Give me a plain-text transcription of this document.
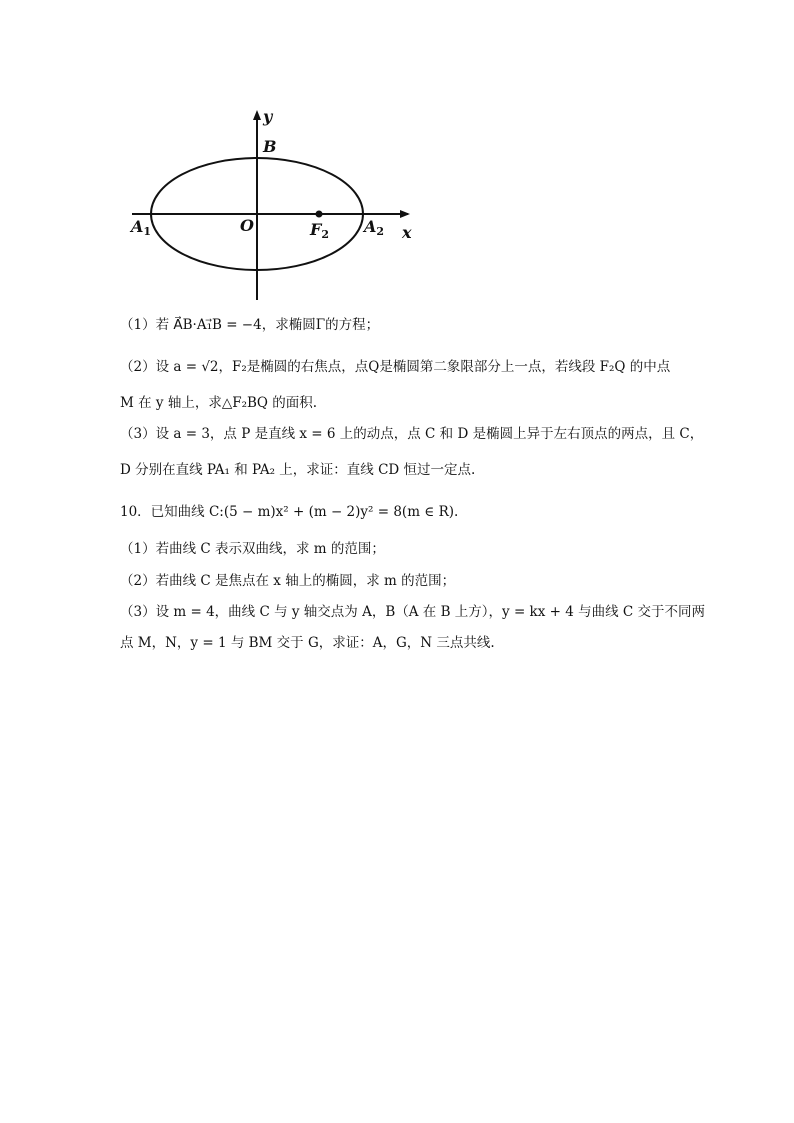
y
x
B
O
A1	A2
F2
（1）若 A⃗B·A₁⃗B = −4，求椭圆Γ的方程；
（2）设 a = √2，F₂是椭圆的右焦点，点Q是椭圆第二象限部分上一点，若线段 F₂Q 的中点
M 在 y 轴上，求△F₂BQ 的面积.
（3）设 a = 3，点 P 是直线 x = 6 上的动点，点 C 和 D 是椭圆上异于左右顶点的两点，且 C，
D 分别在直线 PA₁ 和 PA₂ 上，求证：直线 CD 恒过一定点.
10．已知曲线 C:(5 − m)x² + (m − 2)y² = 8(m ∈ R).
（1）若曲线 C 表示双曲线，求 m 的范围；
（2）若曲线 C 是焦点在 x 轴上的椭圆，求 m 的范围；
（3）设 m = 4，曲线 C 与 y 轴交点为 A，B（A 在 B 上方），y = kx + 4 与曲线 C 交于不同两
点 M，N，y = 1 与 BM 交于 G，求证：A，G，N 三点共线.
